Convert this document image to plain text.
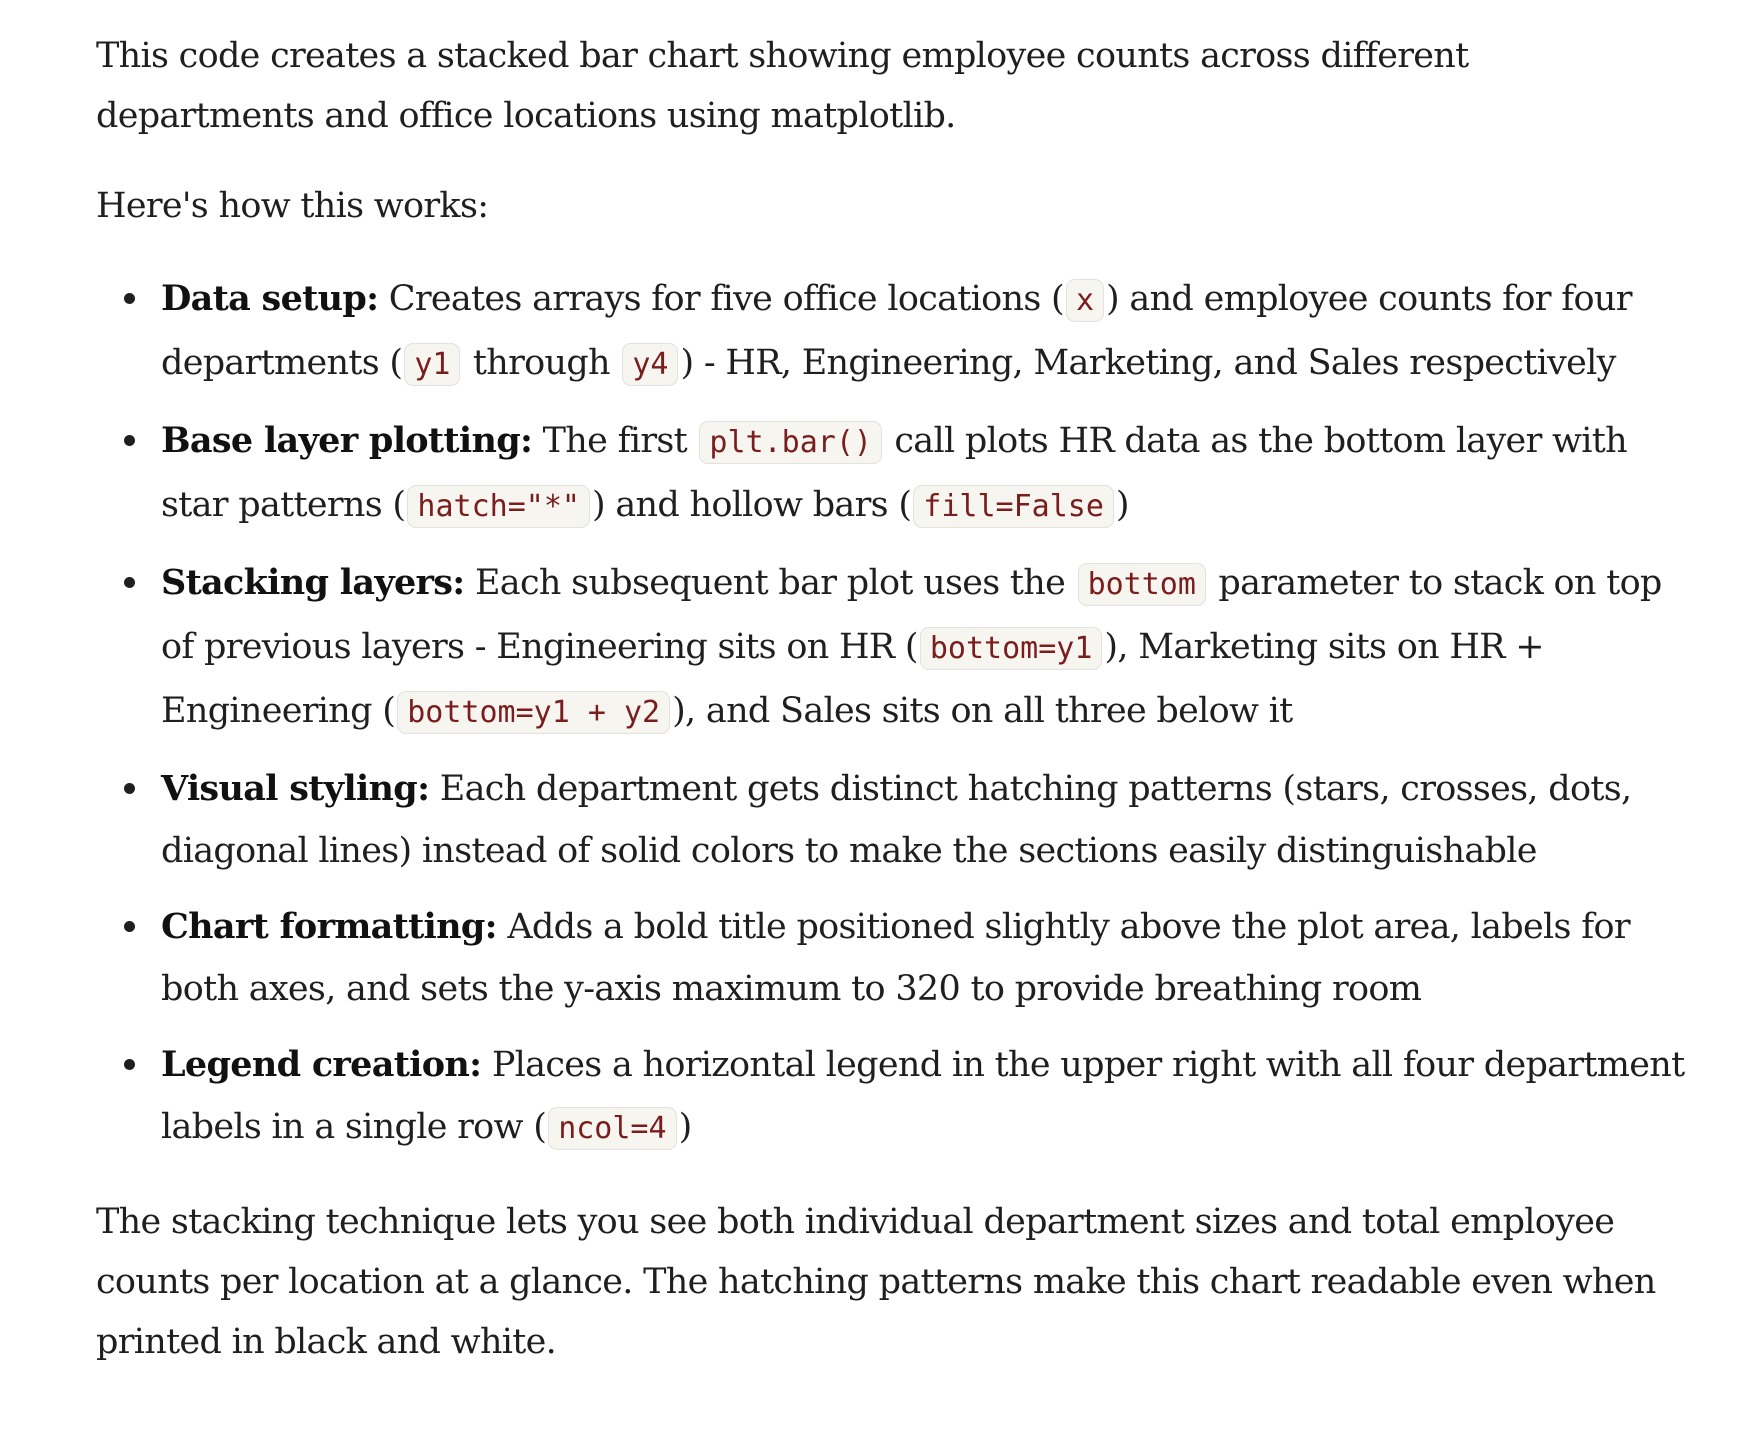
This code creates a stacked bar chart showing employee counts across different departments and office locations using matplotlib.

Here's how this works:

Data setup: Creates arrays for five office locations ( x ) and employee counts for four departments ( y1 through y4 ) - HR, Engineering, Marketing, and Sales respectively
Base layer plotting: The first plt.bar() call plots HR data as the bottom layer with star patterns ( hatch="*" ) and hollow bars ( fill=False )
Stacking layers: Each subsequent bar plot uses the bottom parameter to stack on top of previous layers - Engineering sits on HR ( bottom=y1 ), Marketing sits on HR + Engineering ( bottom=y1 + y2 ), and Sales sits on all three below it
Visual styling: Each department gets distinct hatching patterns (stars, crosses, dots, diagonal lines) instead of solid colors to make the sections easily distinguishable
Chart formatting: Adds a bold title positioned slightly above the plot area, labels for both axes, and sets the y-axis maximum to 320 to provide breathing room
Legend creation: Places a horizontal legend in the upper right with all four department labels in a single row ( ncol=4 )

The stacking technique lets you see both individual department sizes and total employee counts per location at a glance. The hatching patterns make this chart readable even when printed in black and white.
